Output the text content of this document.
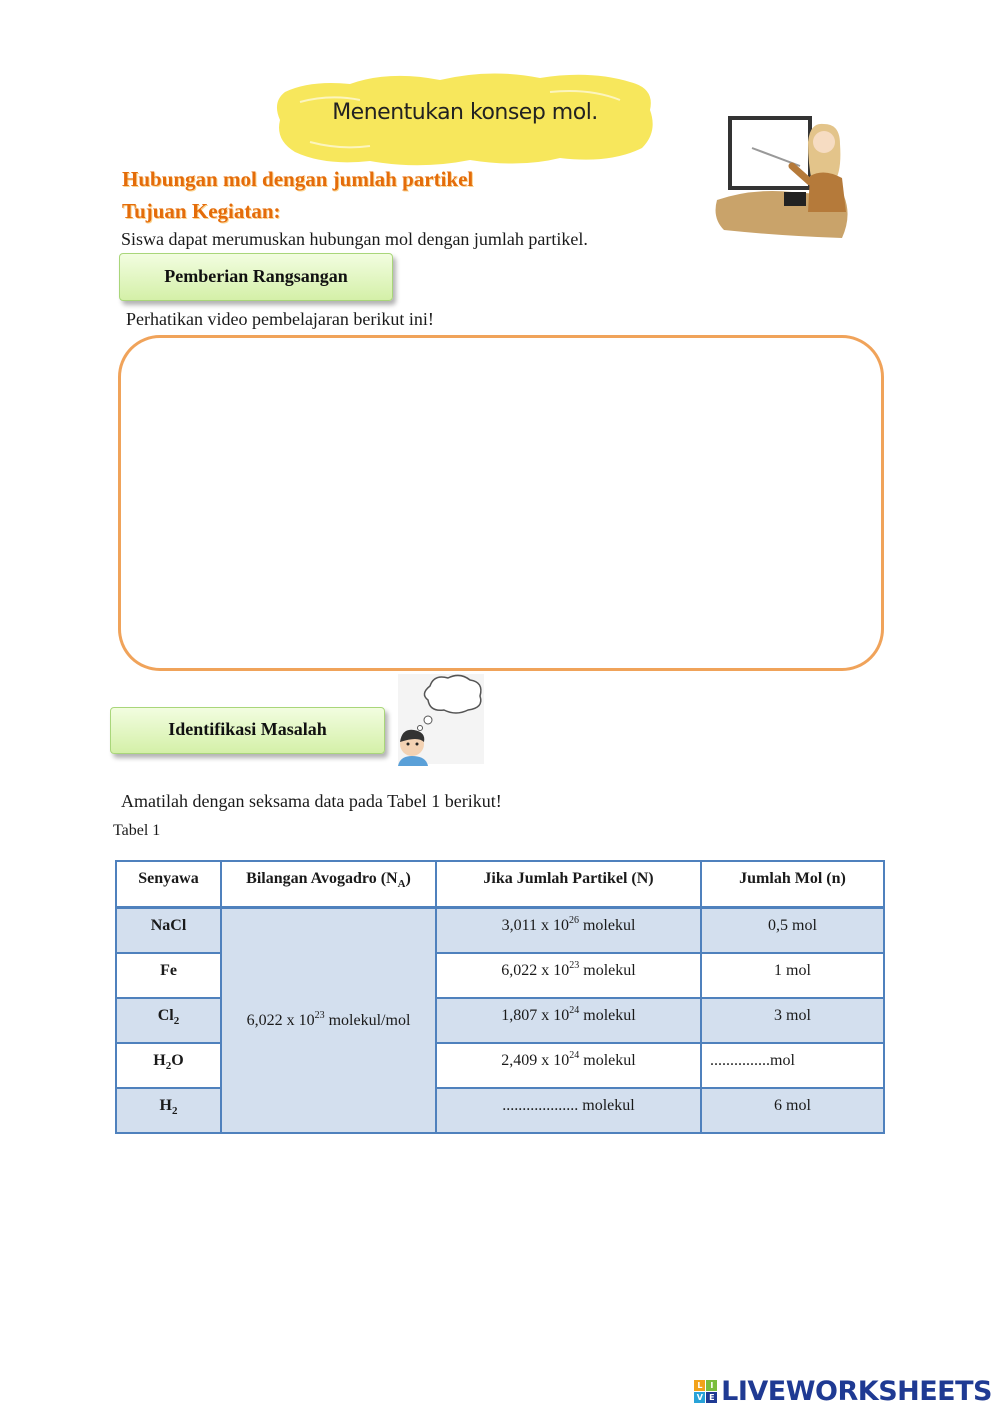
Menentukan konsep mol.
Hubungan mol dengan jumlah partikel
Tujuan Kegiatan:
Siswa dapat merumuskan hubungan mol dengan jumlah partikel.
Pemberian Rangsangan
Perhatikan video pembelajaran berikut ini!
Identifikasi Masalah
Amatilah dengan seksama data pada Tabel 1 berikut!
Tabel 1
Senyawa	Bilangan Avogadro $(N_A)$	Jika Jumlah Partikel (N)	Jumlah Mol (n)
NaCl	6,022 x $10^{23}$ molekul/mol	3,011 x $10^{26}$ molekul	0,5 mol
Fe		6,022 x $10^{23}$ molekul	1 mol
$Cl_2$		1,807 x $10^{24}$ molekul	3 mol
$H_2O$		2,409 x $10^{24}$ molekul	...............mol
$H_2$		................... molekul	6 mol
L	I
V E LIVEWORKSHEETS
